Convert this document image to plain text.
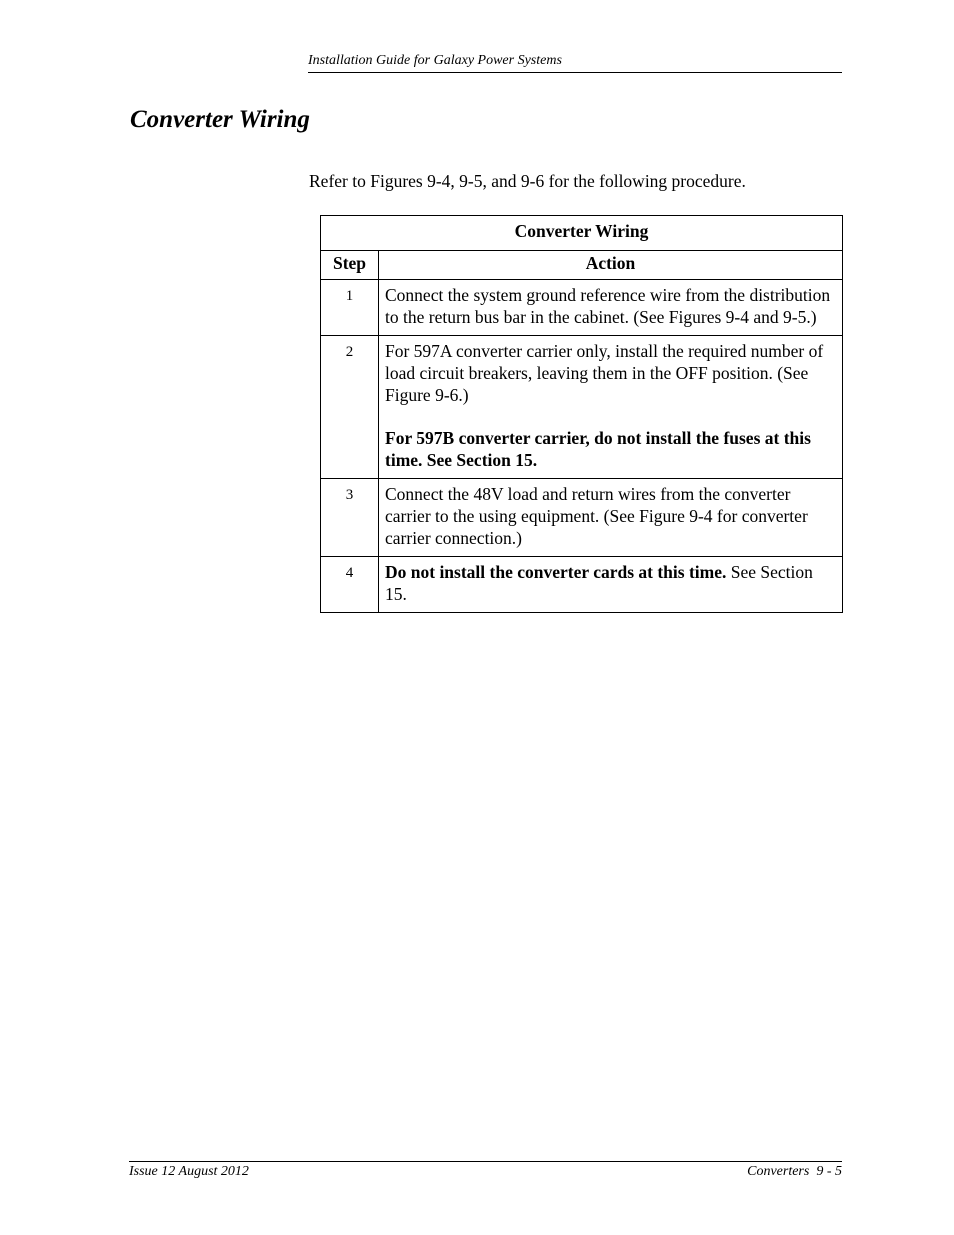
Installation Guide for Galaxy Power Systems
Converter Wiring

Refer to Figures 9-4, 9-5, and 9-6 for the following procedure.

Converter Wiring	
Step	Action
1	Connect the system ground reference wire from the distribution to the return bus bar in the cabinet. (See Figures 9-4 and 9-5.)

2	For 597A converter carrier only, install the required number of load circuit breakers, leaving them in the OFF position. (See Figure 9-6.)

For 597B converter carrier, do not install the fuses at this time. See Section 15.

3	Connect the 48V load and return wires from the converter carrier to the using equipment. (See Figure 9-4 for converter carrier connection.)

4	Do not install the converter cards at this time. See Section 15.

Issue 12 August 2012	Converters  9 - 5
